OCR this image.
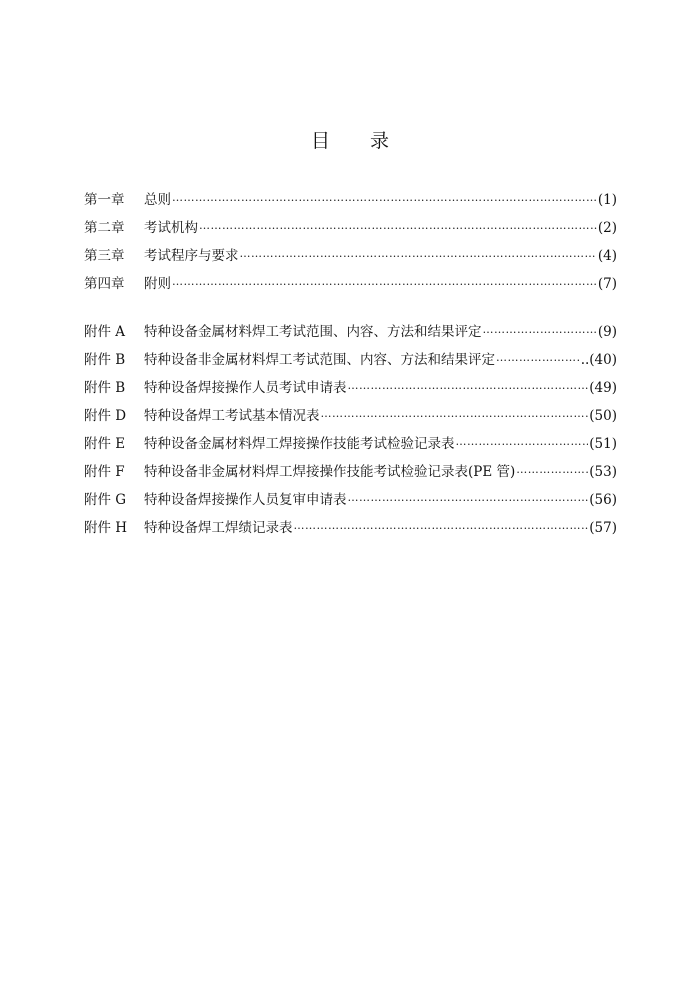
目 录
第一章 总则 ……………………………………………………………………………………………………………………………………………………………………………………………………	(1)
第二章 考试机构 ……………………………………………………………………………………………………………………………………………………………………………………………………	(2)
第三章 考试程序与要求 ……………………………………………………………………………………………………………………………………………………………………………………………………	(4)
第四章 附则 ……………………………………………………………………………………………………………………………………………………………………………………………………	(7)
附件 A 特种设备金属材料焊工考试范围、内容、方法和结果评定 ……………………………………………………………………………………………………………………………………………………………………………………………………	(9)
附件 B 特种设备非金属材料焊工考试范围、内容、方法和结果评定 ……………………………………………………………………………………………………………………………………………………………………………………………………	..(40)
附件 B 特种设备焊接操作人员考试申请表 ……………………………………………………………………………………………………………………………………………………………………………………………………	(49)
附件 D 特种设备焊工考试基本情况表 ……………………………………………………………………………………………………………………………………………………………………………………………………	(50)
附件 E 特种设备金属材料焊工焊接操作技能考试检验记录表 ……………………………………………………………………………………………………………………………………………………………………………………………………	(51)
附件 F 特种设备非金属材料焊工焊接操作技能考试检验记录表(PE 管) ……………………………………………………………………………………………………………………………………………………………………………………………………	(53)
附件 G 特种设备焊接操作人员复审申请表 ……………………………………………………………………………………………………………………………………………………………………………………………………	(56)
附件 H 特种设备焊工焊绩记录表 ……………………………………………………………………………………………………………………………………………………………………………………………………	(57)
